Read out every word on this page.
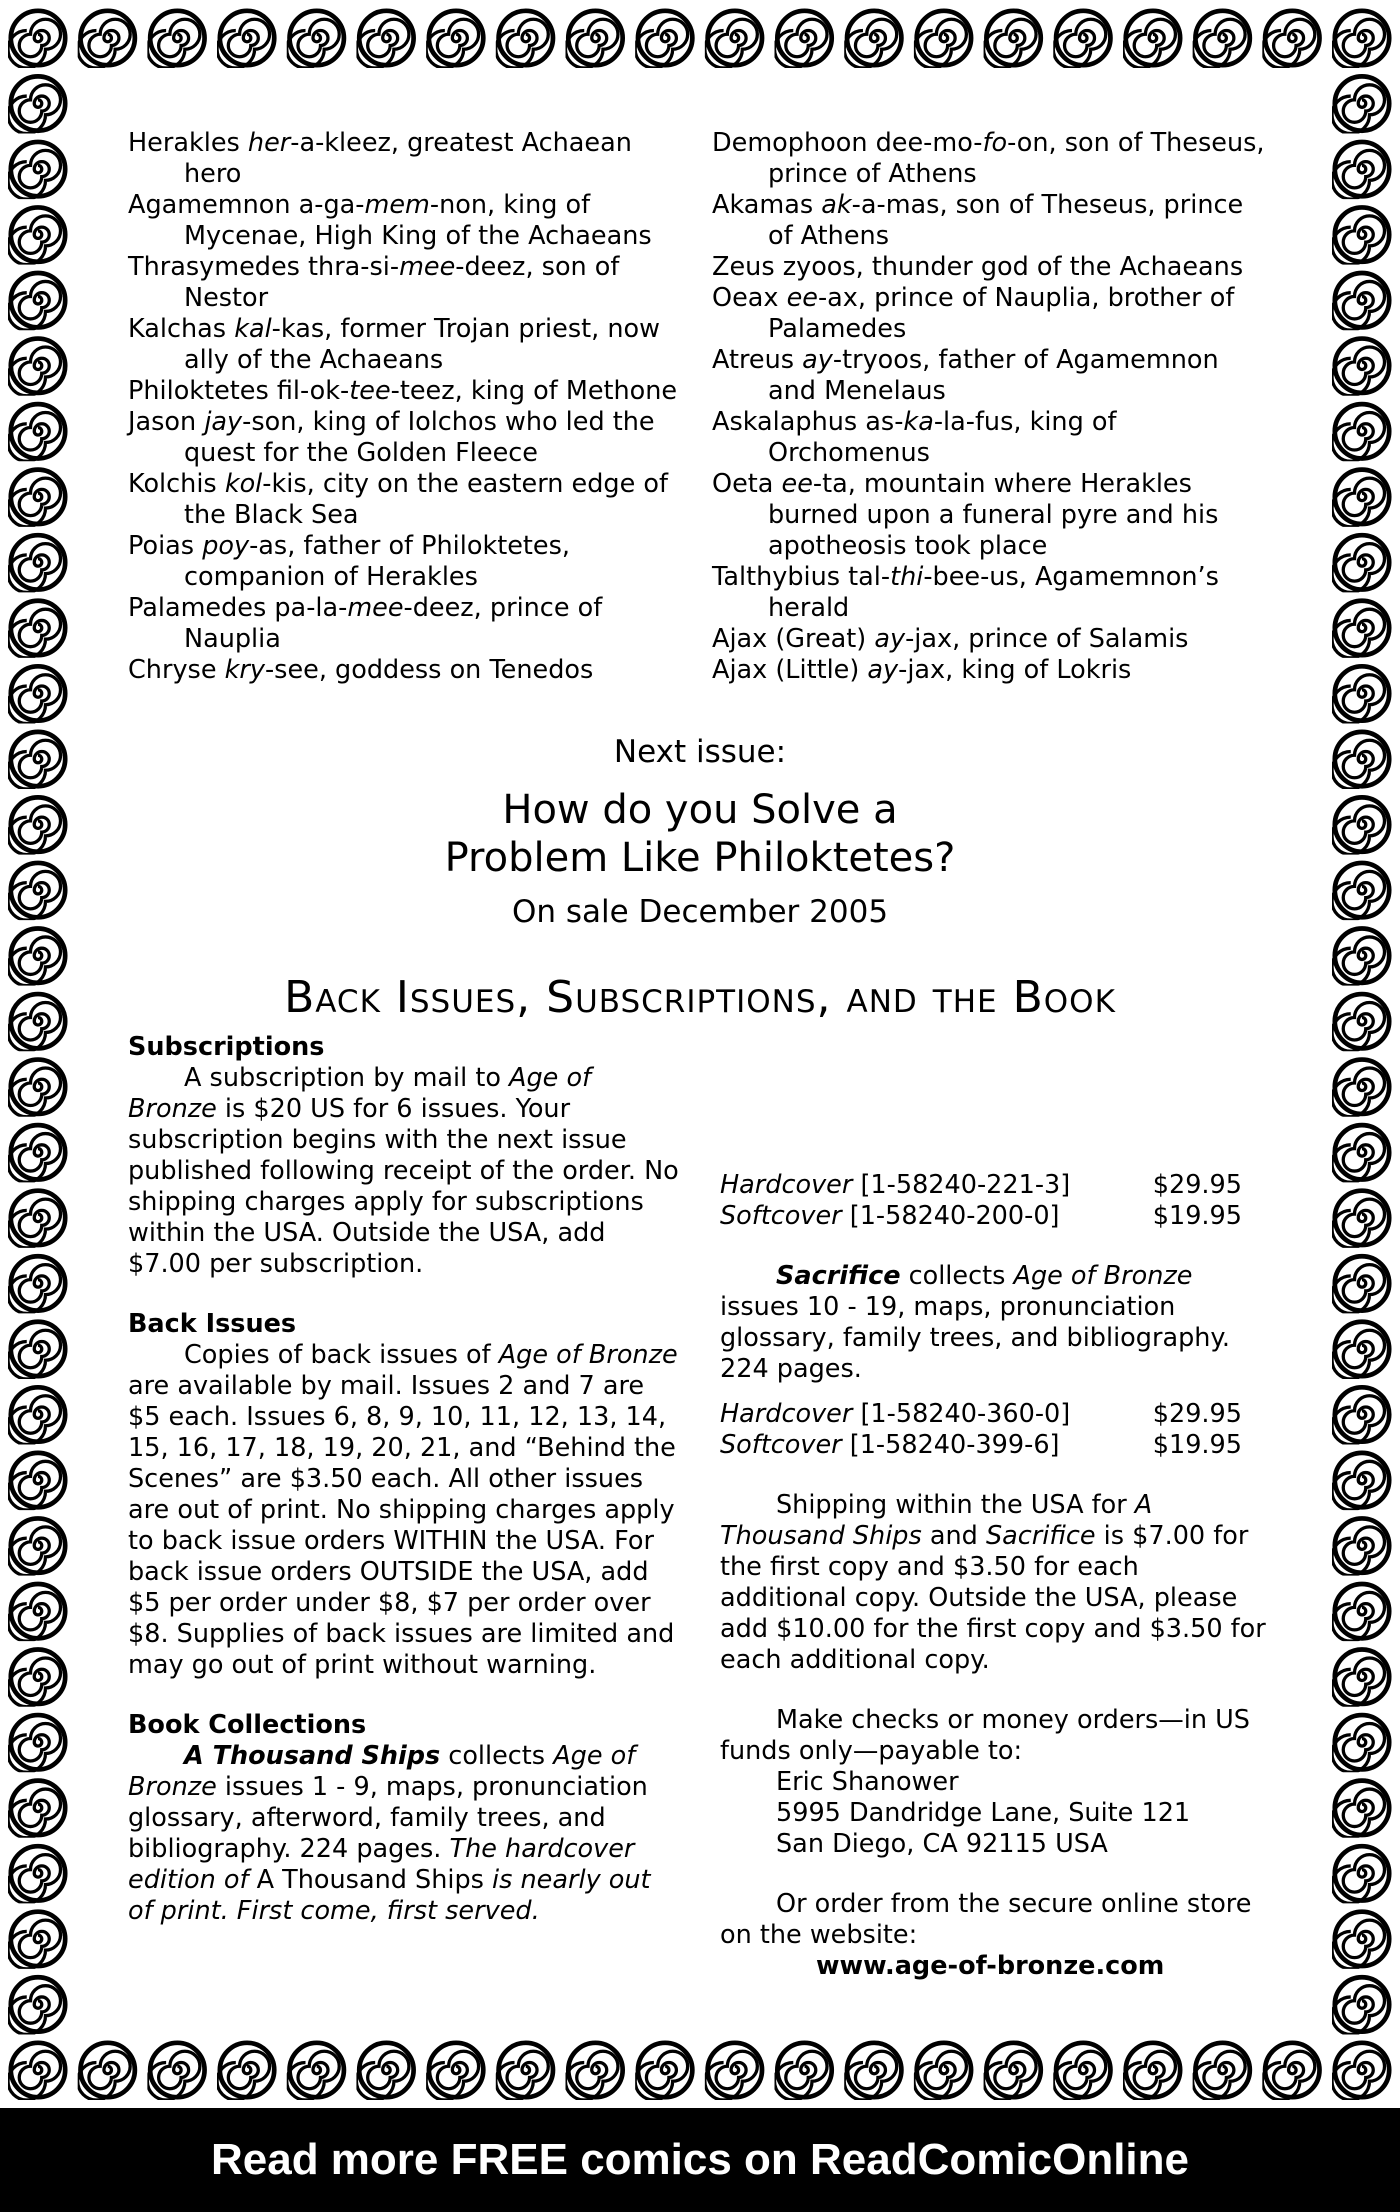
Herakles her-a-kleez, greatest Achaean hero
Agamemnon a-ga-mem-non, king of Mycenae, High King of the Achaeans
Thrasymedes thra-si-mee-deez, son of Nestor
Kalchas kal-kas, former Trojan priest, now ally of the Achaeans
Philoktetes fil-ok-tee-teez, king of Methone
Jason jay-son, king of Iolchos who led the quest for the Golden Fleece
Kolchis kol-kis, city on the eastern edge of the Black Sea
Poias poy-as, father of Philoktetes, companion of Herakles
Palamedes pa-la-mee-deez, prince of Nauplia
Chryse kry-see, goddess on Tenedos
Demophoon dee-mo-fo-on, son of Theseus, prince of Athens
Akamas ak-a-mas, son of Theseus, prince of Athens
Zeus zyoos, thunder god of the Achaeans
Oeax ee-ax, prince of Nauplia, brother of Palamedes
Atreus ay-tryoos, father of Agamemnon and Menelaus
Askalaphus as-ka-la-fus, king of Orchomenus
Oeta ee-ta, mountain where Herakles burned upon a funeral pyre and his apotheosis took place
Talthybius tal-thi-bee-us, Agamemnon’s herald
Ajax (Great) ay-jax, prince of Salamis
Ajax (Little) ay-jax, king of Lokris
Next issue:
How do you Solve a
Problem Like Philoktetes?
On sale December 2005
Back Issues, Subscriptions, and the Book

Subscriptions

A subscription by mail to Age of Bronze is $20 US for 6 issues. Your subscription begins with the next issue published following receipt of the order. No shipping charges apply for subscriptions within the USA. Outside the USA, add $7.00 per subscription.

Back Issues

Copies of back issues of Age of Bronze are available by mail. Issues 2 and 7 are $5 each. Issues 6, 8, 9, 10, 11, 12, 13, 14, 15, 16, 17, 18, 19, 20, 21, and “Behind the Scenes” are $3.50 each. All other issues are out of print. No shipping charges apply to back issue orders WITHIN the USA. For back issue orders OUTSIDE the USA, add $5 per order under $8, $7 per order over $8. Supplies of back issues are limited and may go out of print without warning.

Book Collections

A Thousand Ships collects Age of Bronze issues 1 - 9, maps, pronunciation glossary, afterword, family trees, and bibliography. 224 pages. The hardcover edition of A Thousand Ships is nearly out of print. First come, first served.

Hardcover [1-58240-221-3]	$29.95
Softcover [1-58240-200-0]	$19.95

Sacrifice collects Age of Bronze issues 10 - 19, maps, pronunciation glossary, family trees, and bibliography. 224 pages.

Hardcover [1-58240-360-0]	$29.95
Softcover [1-58240-399-6]	$19.95

Shipping within the USA for A Thousand Ships and Sacrifice is $7.00 for the first copy and $3.50 for each additional copy. Outside the USA, please add $10.00 for the first copy and $3.50 for each additional copy.

Make checks or money orders—in US funds only—payable to:

Eric Shanower

5995 Dandridge Lane, Suite 121

San Diego, CA 92115 USA

Or order from the secure online store on the website:

www.age-of-bronze.com

Read more FREE comics on ReadComicOnline
